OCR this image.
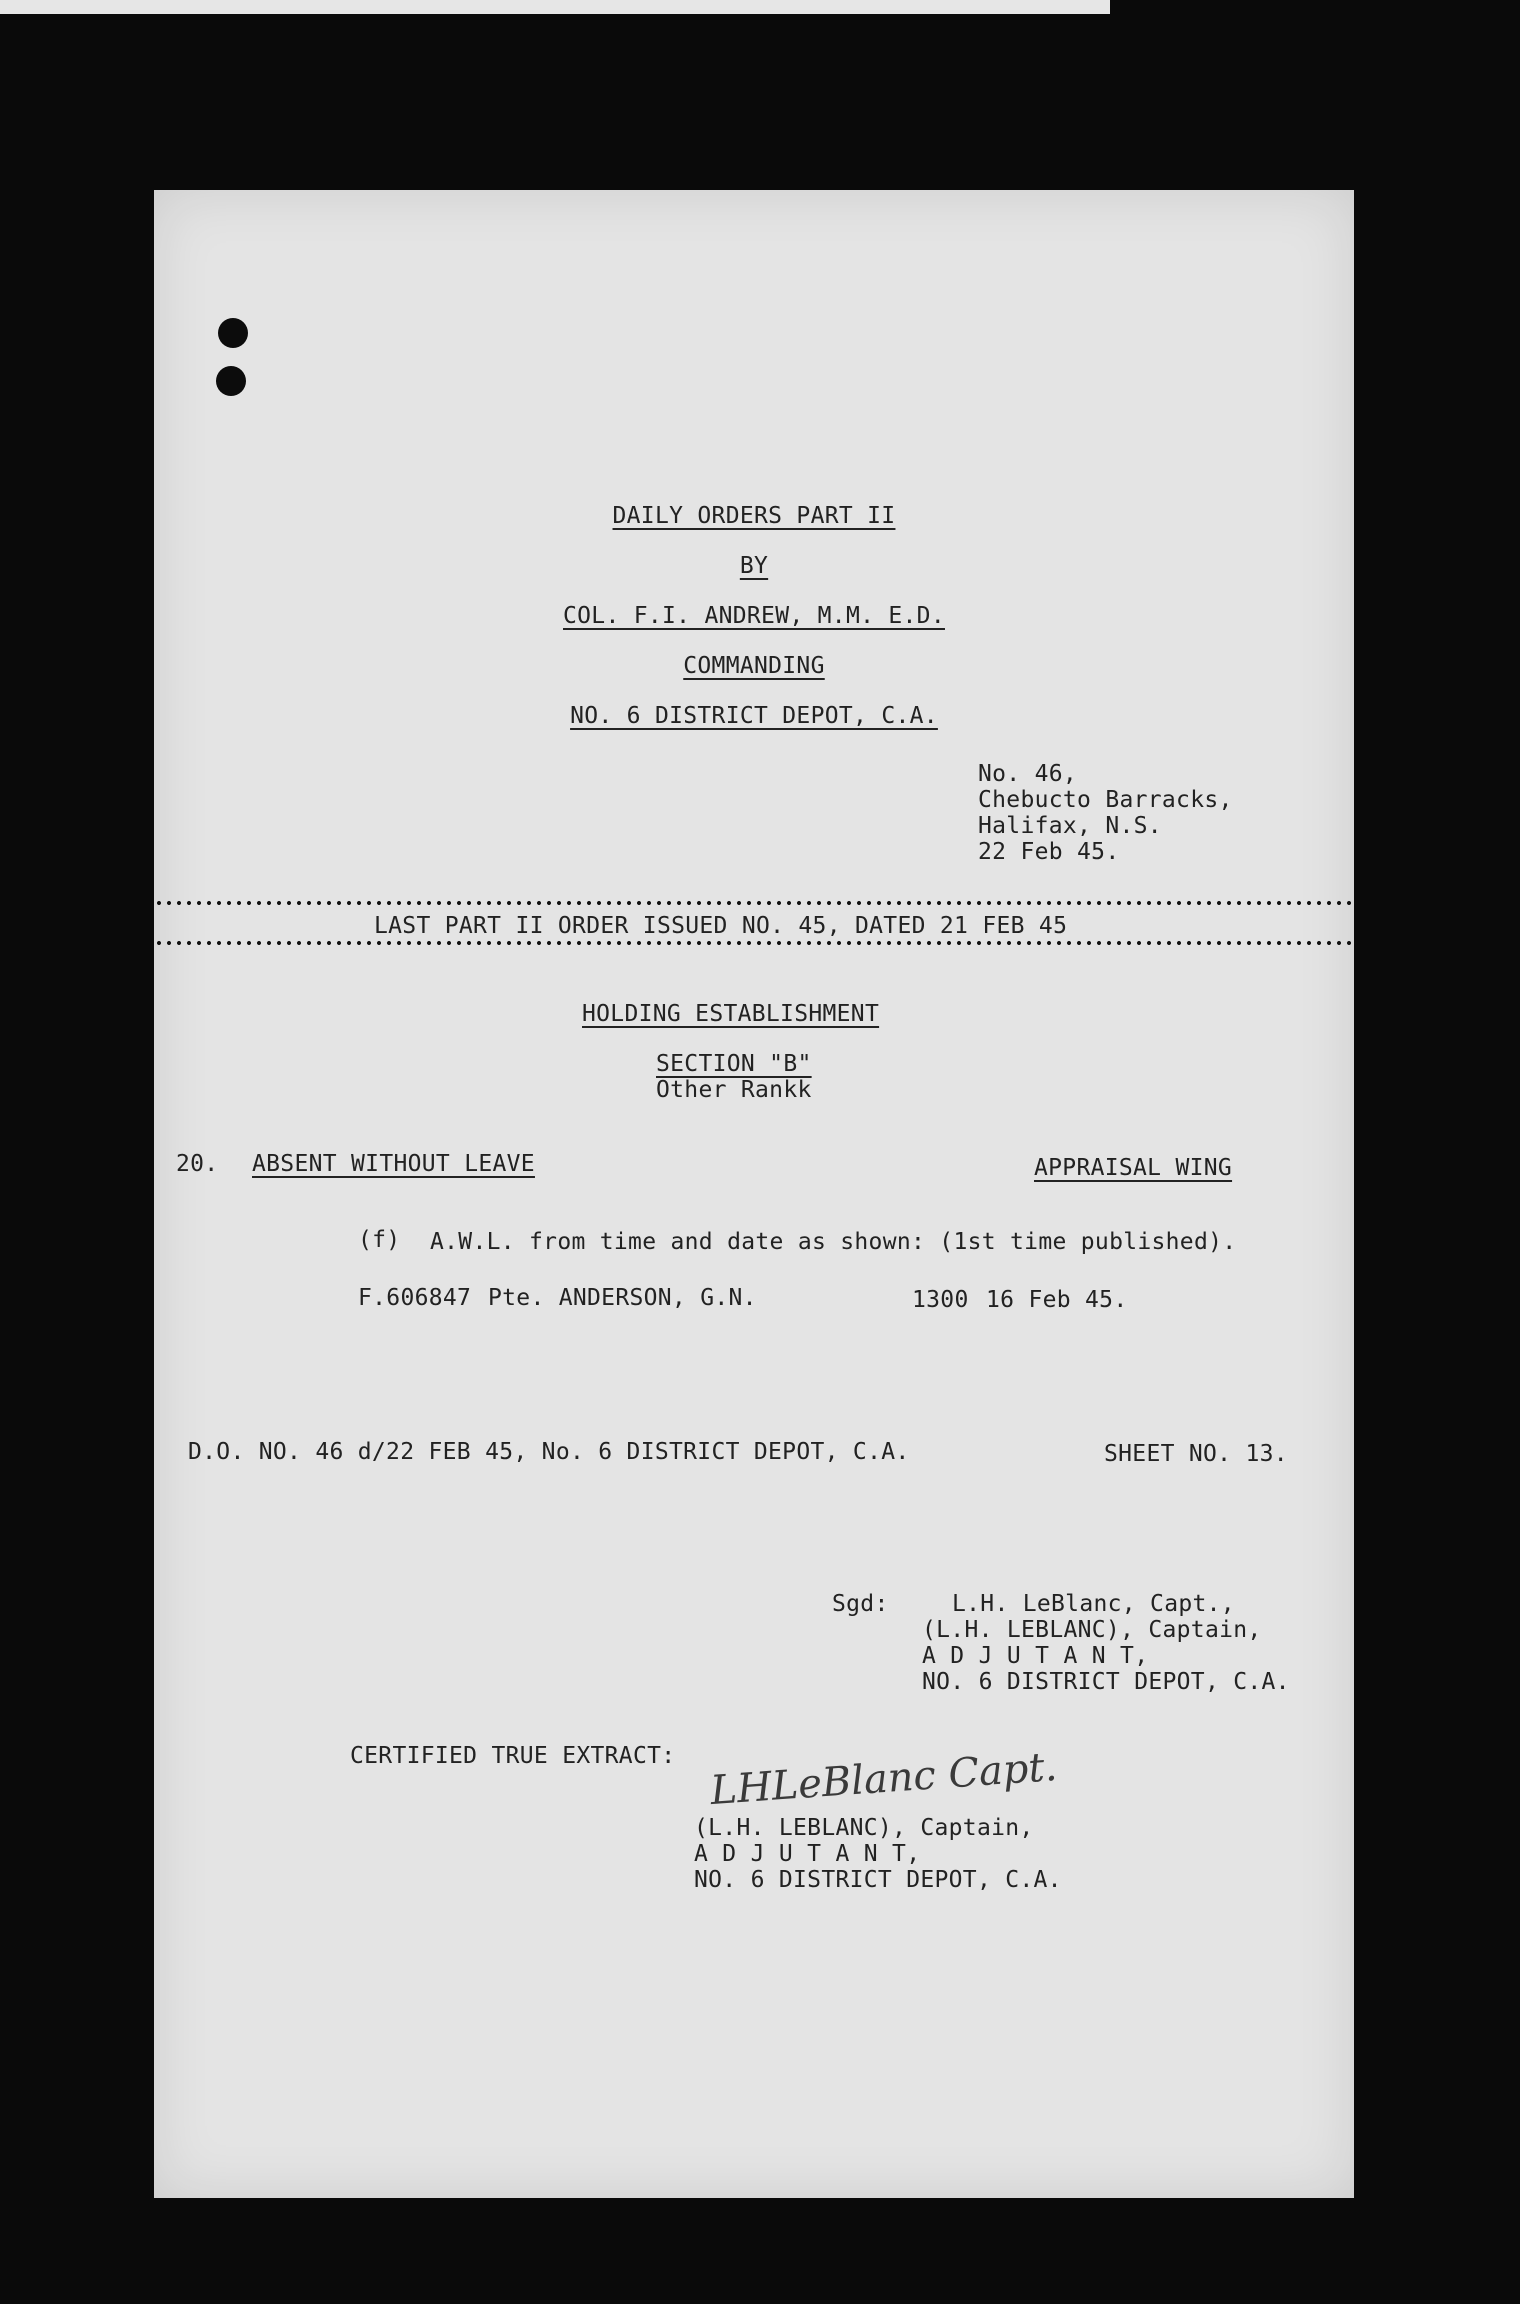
DAILY ORDERS PART II
BY
COL. F.I. ANDREW, M.M. E.D.
COMMANDING
NO. 6 DISTRICT DEPOT, C.A.
No. 46,
Chebucto Barracks,
Halifax, N.S.
22 Feb 45.
LAST PART II ORDER ISSUED NO. 45, DATED 21 FEB 45
HOLDING ESTABLISHMENT
SECTION "B"
Other Rankk
20. ABSENT WITHOUT LEAVE	APPRAISAL WING
(f) A.W.L. from time and date as shown: (1st time published).
F.606847 Pte. ANDERSON, G.N.	1300 16 Feb 45.
D.O. NO. 46 d/22 FEB 45, No. 6 DISTRICT DEPOT, C.A.	SHEET NO. 13.
Sgd:	L.H. LeBlanc, Capt.,
(L.H. LEBLANC), Captain,
A D J U T A N T,
NO. 6 DISTRICT DEPOT, C.A.
CERTIFIED TRUE EXTRACT: LHLeBlanc Capt.
(L.H. LEBLANC), Captain,
A D J U T A N T,
NO. 6 DISTRICT DEPOT, C.A.
